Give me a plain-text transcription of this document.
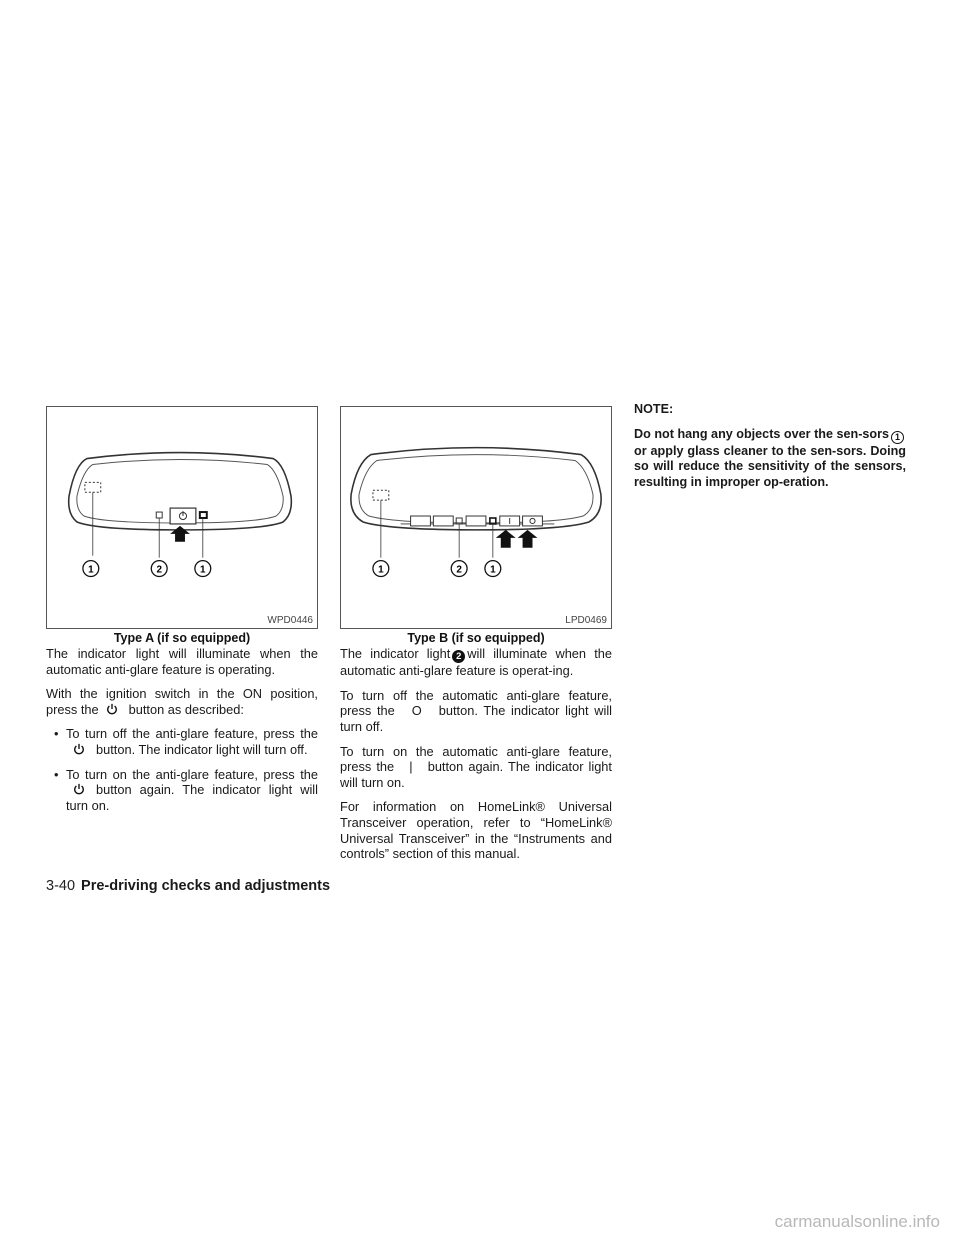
1	2	1
WPD0446
Type A (if so equipped)
1	2	1
LPD0469
Type B (if so equipped)

The indicator light will illuminate when the automatic anti-glare feature is operating.

With the ignition switch in the ON position, press the button as described:

• To turn off the anti-glare feature, press thebutton. The indicator light will turn off.
• To turn on the anti-glare feature, press thebutton again. The indicator light will turn on.

The indicator light 2 will illuminate when the automatic anti-glare feature is operat-ing.

To turn off the automatic anti-glare feature, press the O button. The indicator light will turn off.

To turn on the automatic anti-glare feature, press the | button again. The indicator light will turn on.

For information on HomeLink® Universal Transceiver operation, refer to “HomeLink® Universal Transceiver” in the “Instruments and controls” section of this manual.

NOTE:

Do not hang any objects over the sen-sors 1or apply glass cleaner to the sen-sors. Doing so will reduce the sensitivity of the sensors, resulting in improper op-eration.

3-40 Pre-driving checks and adjustments
carmanualsonline.info
